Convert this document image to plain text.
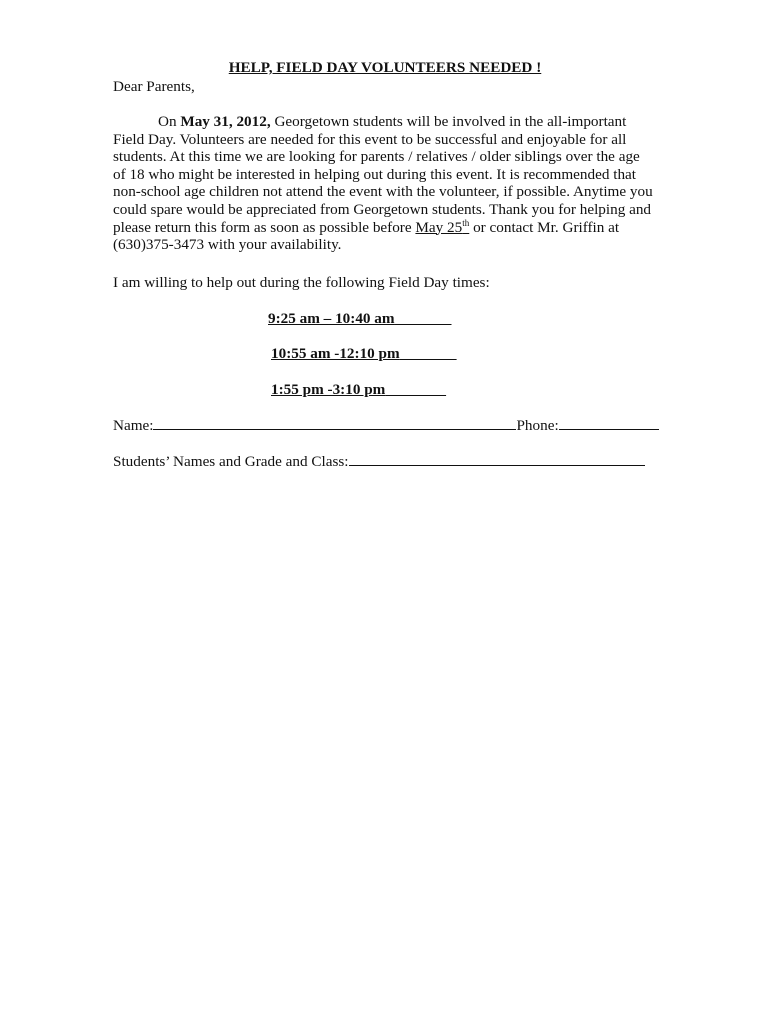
HELP, FIELD DAY VOLUNTEERS NEEDED !
Dear Parents,
On May 31, 2012, Georgetown students will be involved in the all-important
Field Day. Volunteers are needed for this event to be successful and enjoyable for all
students. At this time we are looking for parents / relatives / older siblings over the age
of 18 who might be interested in helping out during this event. It is recommended that
non-school age children not attend the event with the volunteer, if possible. Anytime you
could spare would be appreciated from Georgetown students. Thank you for helping and
please return this form as soon as possible before May 25th or contact Mr. Griffin at
(630)375-3473 with your availability.
I am willing to help out during the following Field Day times:
9:25 am – 10:40 am
10:55 am -12:10 pm
1:55 pm -3:10 pm
Name:	Phone:
Students’ Names and Grade and Class:
